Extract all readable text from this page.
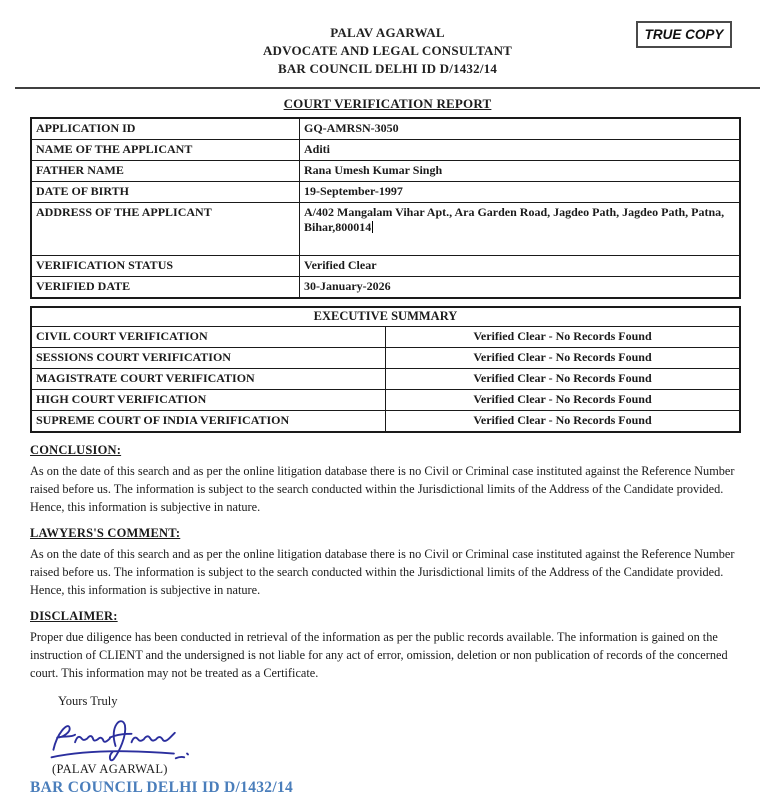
PALAV AGARWAL
ADVOCATE AND LEGAL CONSULTANT
BAR COUNCIL DELHI ID D/1432/14
TRUE COPY
COURT VERIFICATION REPORT
APPLICATION ID	GQ-AMRSN-3050
NAME OF THE APPLICANT	Aditi
FATHER NAME	Rana Umesh Kumar Singh
DATE OF BIRTH	19-September-1997
ADDRESS OF THE APPLICANT	A/402 Mangalam Vihar Apt., Ara Garden Road, Jagdeo Path, Jagdeo Path, Patna, Bihar,800014
VERIFICATION STATUS	Verified Clear
VERIFIED DATE	30-January-2026
EXECUTIVE SUMMARY	
CIVIL COURT VERIFICATION	Verified Clear - No Records Found
SESSIONS COURT VERIFICATION	Verified Clear - No Records Found
MAGISTRATE COURT VERIFICATION	Verified Clear - No Records Found
HIGH COURT VERIFICATION	Verified Clear - No Records Found
SUPREME COURT OF INDIA VERIFICATION	Verified Clear - No Records Found
CONCLUSION:
As on the date of this search and as per the online litigation database there is no Civil or Criminal case instituted against the Reference Number raised before us. The information is subject to the search conducted within the Jurisdictional limits of the Address of the Candidate provided. Hence, this information is subjective in nature.
LAWYERS'S COMMENT:
As on the date of this search and as per the online litigation database there is no Civil or Criminal case instituted against the Reference Number raised before us. The information is subject to the search conducted within the Jurisdictional limits of the Address of the Candidate provided. Hence, this information is subjective in nature.
DISCLAIMER:
Proper due diligence has been conducted in retrieval of the information as per the public records available. The information is gained on the instruction of CLIENT and the undersigned is not liable for any act of error, omission, deletion or non publication of records of the concerned court. This information may not be treated as a Certificate.
Yours Truly
(PALAV AGARWAL)
BAR COUNCIL DELHI ID D/1432/14
